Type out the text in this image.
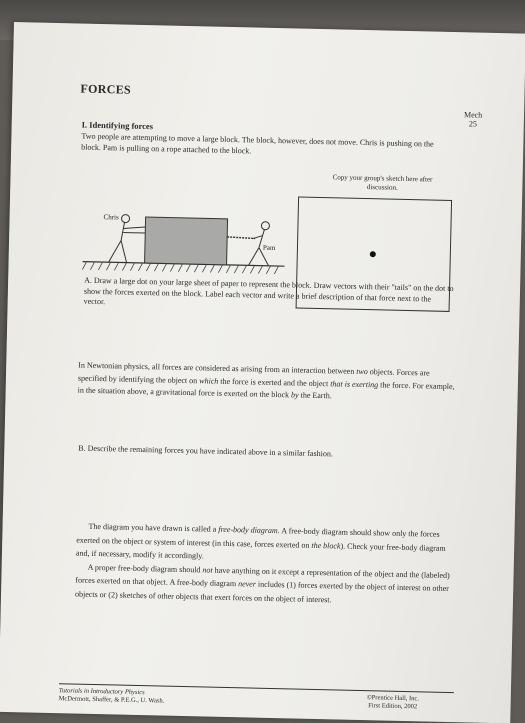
FORCES
Mech
25
I. Identifying forces
Two people are attempting to move a large block. The block, however, does not move. Chris is pushing on the block. Pam is pulling on a rope attached to the block.
Chris
Pam
Copy your group's sketch here after discussion.
A. Draw a large dot on your large sheet of paper to represent the block. Draw vectors with their "tails" on the dot to show the forces exerted on the block. Label each vector and write a brief description of that force next to the vector.
In Newtonian physics, all forces are considered as arising from an interaction between two objects. Forces are specified by identifying the object on which the force is exerted and the object that is exerting the force. For example, in the situation above, a gravitational force is exerted on the block by the Earth.
B. Describe the remaining forces you have indicated above in a similar fashion.
The diagram you have drawn is called a free-body diagram. A free-body diagram should show only the forces exerted on the object or system of interest (in this case, forces exerted on the block). Check your free-body diagram and, if necessary, modify it accordingly.
A proper free-body diagram should not have anything on it except a representation of the object and the (labeled) forces exerted on that object. A free-body diagram never includes (1) forces exerted by the object of interest on other objects or (2) sketches of other objects that exert forces on the object of interest.
Tutorials in Introductory Physics
McDermott, Shaffer, & P.E.G., U. Wash.	©Prentice Hall, Inc.
First Edition, 2002
